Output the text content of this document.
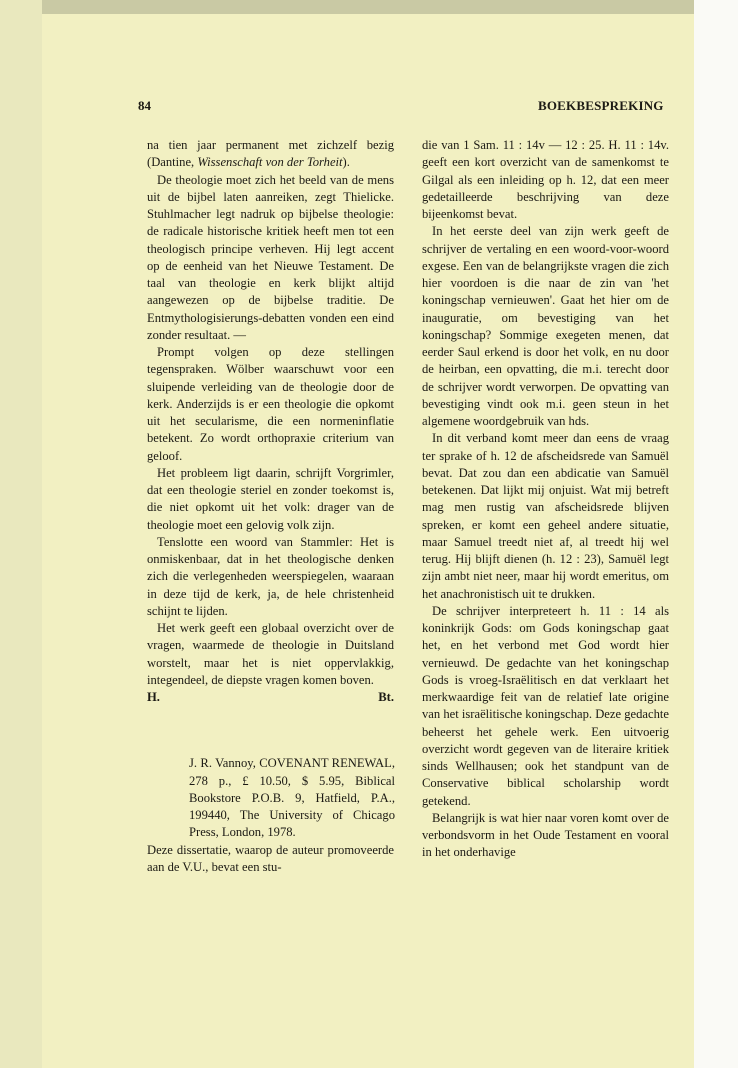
84	BOEKBESPREKING

na tien jaar permanent met zichzelf bezig (Dantine, Wissenschaft von der Torheit).

De theologie moet zich het beeld van de mens uit de bijbel laten aanreiken, zegt Thielicke. Stuhlmacher legt nadruk op bijbelse theologie: de radicale historische kritiek heeft men tot een theologisch principe verheven. Hij legt accent op de eenheid van het Nieuwe Testament. De taal van theologie en kerk blijkt altijd aangewezen op de bijbelse traditie. De Entmythologisierungs-debatten vonden een eind zonder resultaat. —

Prompt volgen op deze stellingen tegenspraken. Wölber waarschuwt voor een sluipende verleiding van de theologie door de kerk. Anderzijds is er een theologie die opkomt uit het secularisme, die een normeninflatie betekent. Zo wordt orthopraxie criterium van geloof.

Het probleem ligt daarin, schrijft Vorgrimler, dat een theologie steriel en zonder toekomst is, die niet opkomt uit het volk: drager van de theologie moet een gelovig volk zijn.

Tenslotte een woord van Stammler: Het is onmiskenbaar, dat in het theologische denken zich die verlegenheden weerspiegelen, waaraan in deze tijd de kerk, ja, de hele christenheid schijnt te lijden.

Het werk geeft een globaal overzicht over de vragen, waarmede de theologie in Duitsland worstelt, maar het is niet oppervlakkig, integendeel, de diepste vragen komen boven.

H.	Bt.

J. R. Vannoy, COVENANT RENEWAL, 278 p., £ 10.50, $ 5.95, Biblical Bookstore P.O.B. 9, Hatfield, P.A., 199440, The University of Chicago Press, London, 1978.

Deze dissertatie, waarop de auteur promoveerde aan de V.U., bevat een stu-

die van 1 Sam. 11 : 14v — 12 : 25. H. 11 : 14v. geeft een kort overzicht van de samenkomst te Gilgal als een inleiding op h. 12, dat een meer gedetailleerde beschrijving van deze bijeenkomst bevat.

In het eerste deel van zijn werk geeft de schrijver de vertaling en een woord-voor-woord exgese. Een van de belangrijkste vragen die zich hier voordoen is die naar de zin van 'het koningschap vernieuwen'. Gaat het hier om de inauguratie, om bevestiging van het koningschap? Sommige exegeten menen, dat eerder Saul erkend is door het volk, en nu door de heirban, een opvatting, die m.i. terecht door de schrijver wordt verworpen. De opvatting van bevestiging vindt ook m.i. geen steun in het algemene woordgebruik van hds.

In dit verband komt meer dan eens de vraag ter sprake of h. 12 de afscheidsrede van Samuël bevat. Dat zou dan een abdicatie van Samuël betekenen. Dat lijkt mij onjuist. Wat mij betreft mag men rustig van afscheidsrede blijven spreken, er komt een geheel andere situatie, maar Samuel treedt niet af, al treedt hij wel terug. Hij blijft dienen (h. 12 : 23), Samuël legt zijn ambt niet neer, maar hij wordt emeritus, om het anachronistisch uit te drukken.

De schrijver interpreteert h. 11 : 14 als koninkrijk Gods: om Gods koningschap gaat het, en het verbond met God wordt hier vernieuwd. De gedachte van het koningschap Gods is vroeg-Israëlitisch en dat verklaart het merkwaardige feit van de relatief late origine van het israëlitische koningschap. Deze gedachte beheerst het gehele werk. Een uitvoerig overzicht wordt gegeven van de literaire kritiek sinds Wellhausen; ook het standpunt van de Conservative biblical scholarship wordt getekend.

Belangrijk is wat hier naar voren komt over de verbondsvorm in het Oude Testament en vooral in het onderhavige
